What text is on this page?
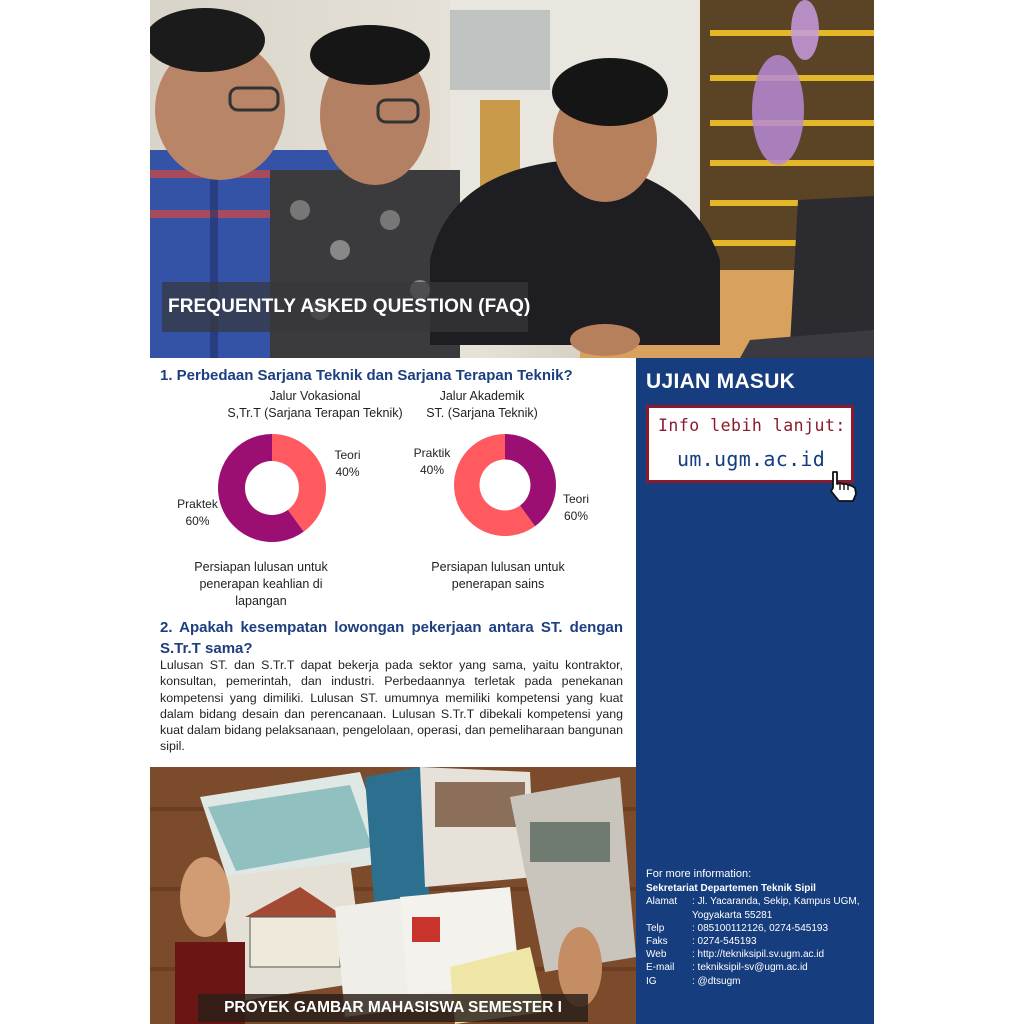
FREQUENTLY ASKED QUESTION (FAQ)
1. Perbedaan Sarjana Teknik dan Sarjana Terapan Teknik?
Jalur Vokasional
S,Tr.T (Sarjana Terapan Teknik)
Jalur Akademik
ST. (Sarjana Teknik)
Teori
40%
Praktek
60%
Persiapan lulusan untuk penerapan keahlian di lapangan
Praktik
40%
Teori
60%
Persiapan lulusan untuk penerapan sains
2. Apakah kesempatan lowongan pekerjaan antara ST. dengan S.Tr.T sama?
Lulusan ST. dan S.Tr.T dapat bekerja pada sektor yang sama, yaitu kontraktor, konsultan, pemerintah, dan industri. Perbedaannya terletak pada penekanan kompetensi yang dimiliki. Lulusan ST. umumnya memiliki kompetensi yang kuat dalam bidang desain dan perencanaan. Lulusan S.Tr.T dibekali kompetensi yang kuat dalam bidang pelaksanaan, pengelolaan, operasi, dan pemeliharaan bangunan sipil.
UJIAN MASUK
Info lebih lanjut:
um.ugm.ac.id
For more information:
Sekretariat Departemen Teknik Sipil
Alamat	: Jl. Yacaranda, Sekip, Kampus UGM, Yogyakarta 55281
Telp	: 085100112126, 0274-545193
Faks	: 0274-545193
Web	: http://tekniksipil.sv.ugm.ac.id
E-mail	: tekniksipil-sv@ugm.ac.id
IG	: @dtsugm
PROYEK GAMBAR MAHASISWA SEMESTER I
